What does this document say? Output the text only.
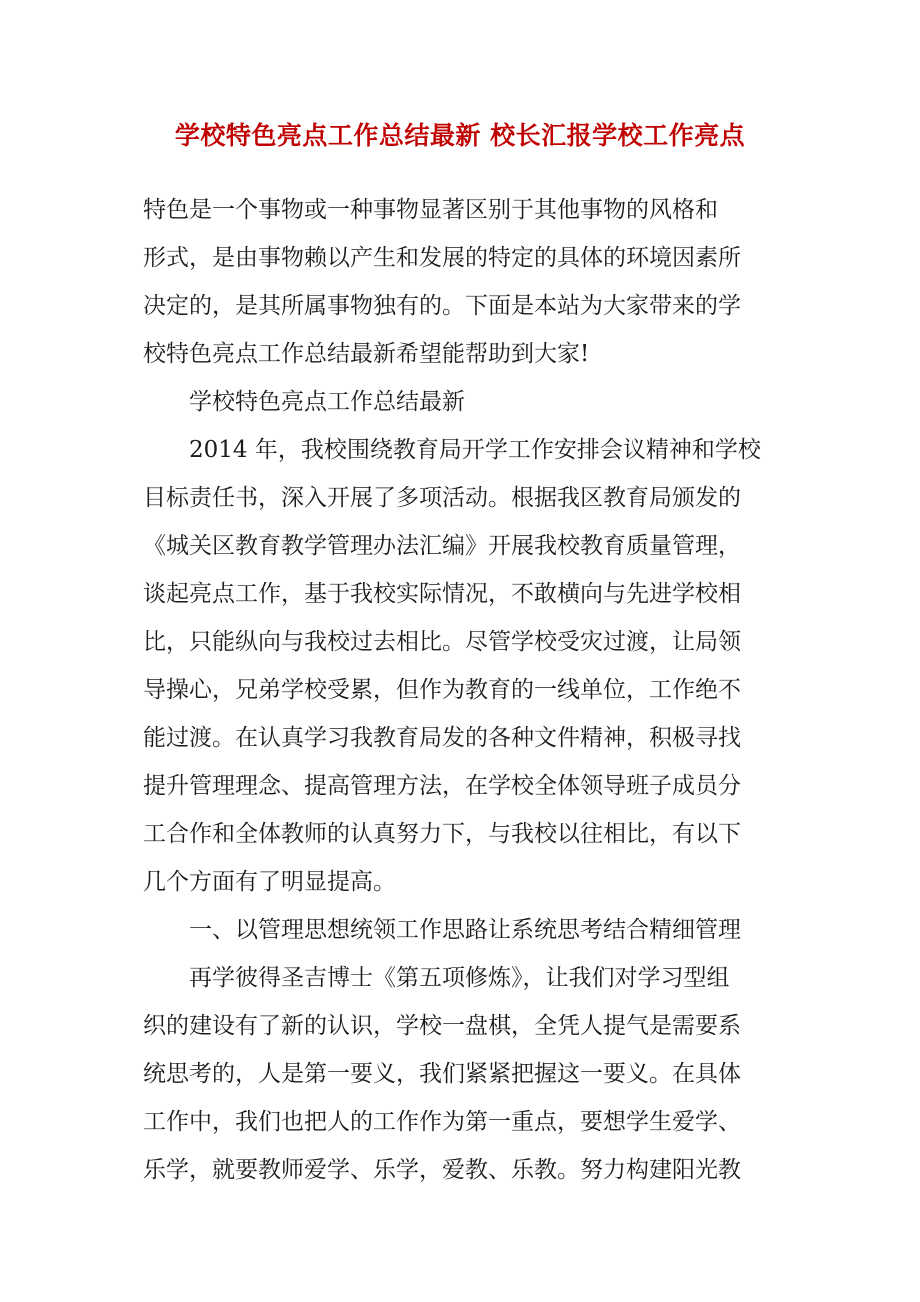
学校特色亮点工作总结最新 校长汇报学校工作亮点
特色是一个事物或一种事物显著区别于其他事物的风格和
形式，是由事物赖以产生和发展的特定的具体的环境因素所
决定的，是其所属事物独有的。下面是本站为大家带来的学
校特色亮点工作总结最新希望能帮助到大家!
学校特色亮点工作总结最新
2014 年，我校围绕教育局开学工作安排会议精神和学校
目标责任书，深入开展了多项活动。根据我区教育局颁发的
《城关区教育教学管理办法汇编》开展我校教育质量管理，
谈起亮点工作，基于我校实际情况，不敢横向与先进学校相
比，只能纵向与我校过去相比。尽管学校受灾过渡，让局领
导操心，兄弟学校受累，但作为教育的一线单位，工作绝不
能过渡。在认真学习我教育局发的各种文件精神，积极寻找
提升管理理念、提高管理方法，在学校全体领导班子成员分
工合作和全体教师的认真努力下，与我校以往相比，有以下
几个方面有了明显提高。
一、以管理思想统领工作思路让系统思考结合精细管理
再学彼得圣吉博士《第五项修炼》，让我们对学习型组
织的建设有了新的认识，学校一盘棋，全凭人提气是需要系
统思考的，人是第一要义，我们紧紧把握这一要义。在具体
工作中，我们也把人的工作作为第一重点，要想学生爱学、
乐学，就要教师爱学、乐学，爱教、乐教。努力构建阳光教
